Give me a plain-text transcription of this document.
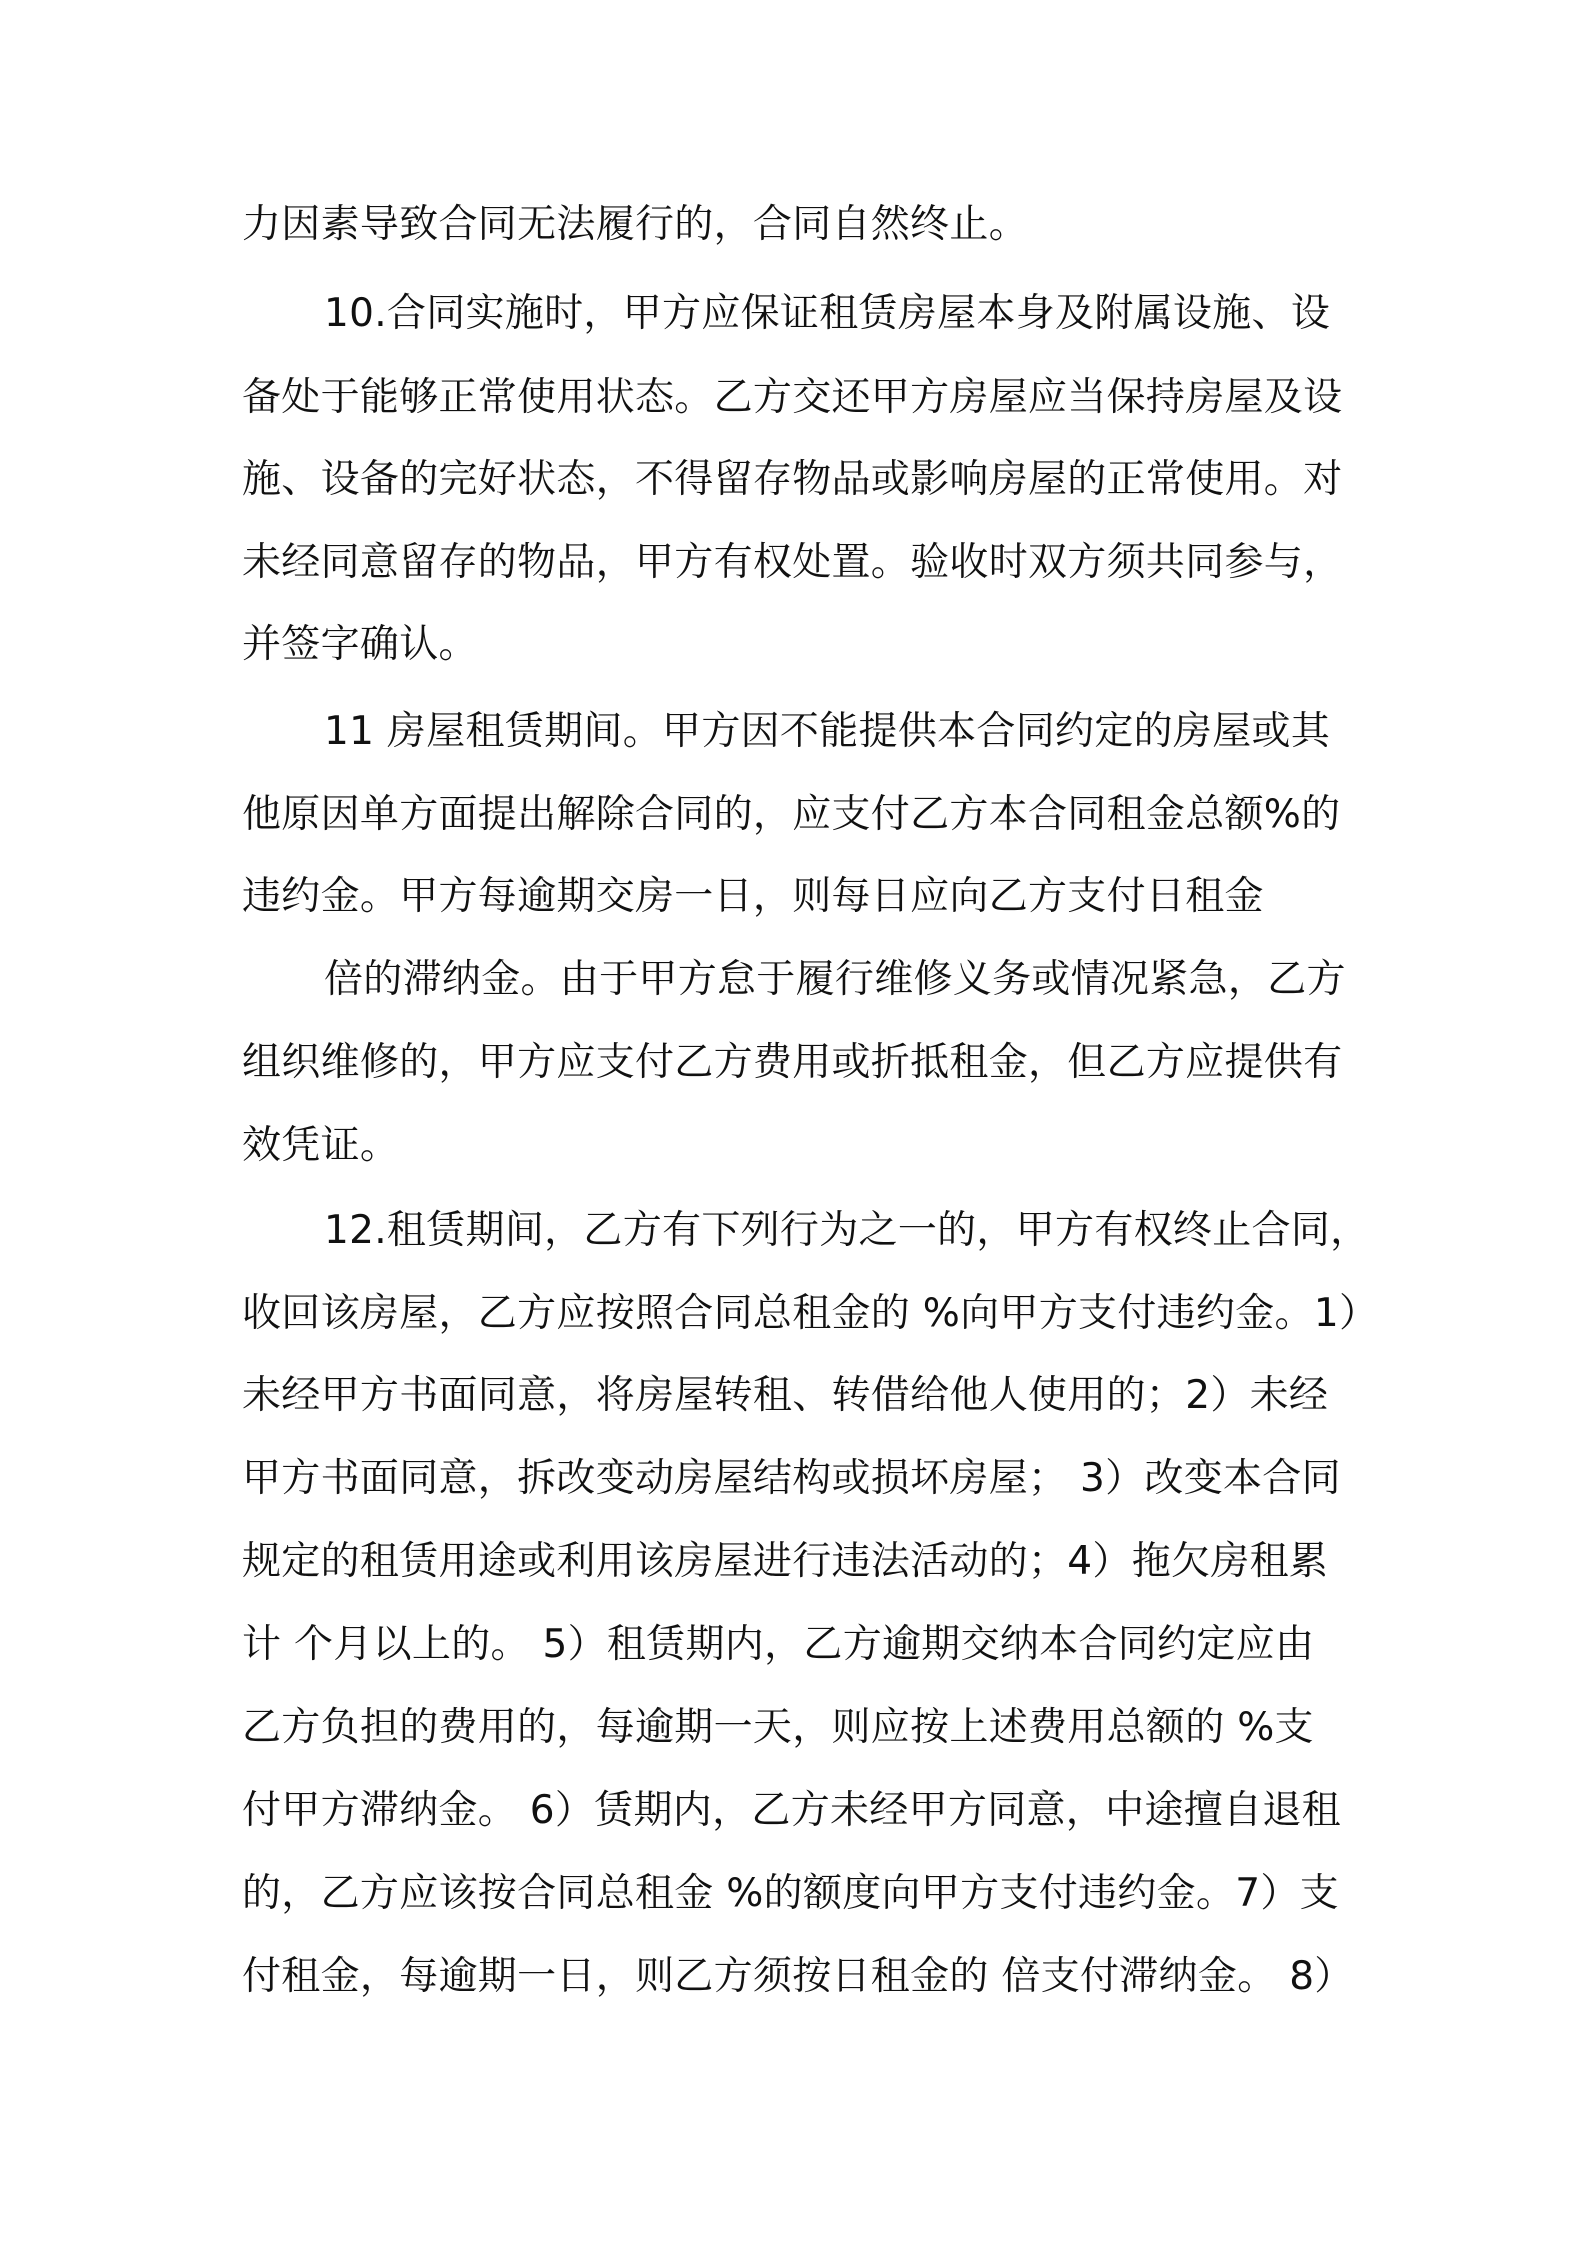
力因素导致合同无法履行的，合同自然终止。
10.合同实施时，甲方应保证租赁房屋本身及附属设施、设
备处于能够正常使用状态。乙方交还甲方房屋应当保持房屋及设
施、设备的完好状态，不得留存物品或影响房屋的正常使用。对
未经同意留存的物品，甲方有权处置。验收时双方须共同参与，
并签字确认。
11 房屋租赁期间。甲方因不能提供本合同约定的房屋或其
他原因单方面提出解除合同的，应支付乙方本合同租金总额%的
违约金。甲方每逾期交房一日，则每日应向乙方支付日租金
倍的滞纳金。由于甲方怠于履行维修义务或情况紧急，乙方
组织维修的，甲方应支付乙方费用或折抵租金，但乙方应提供有
效凭证。
12.租赁期间，乙方有下列行为之一的，甲方有权终止合同，
收回该房屋，乙方应按照合同总租金的 %向甲方支付违约金。1）
未经甲方书面同意，将房屋转租、转借给他人使用的；2）未经
甲方书面同意，拆改变动房屋结构或损坏房屋； 3）改变本合同
规定的租赁用途或利用该房屋进行违法活动的；4）拖欠房租累
计 个月以上的。 5）租赁期内，乙方逾期交纳本合同约定应由
乙方负担的费用的，每逾期一天，则应按上述费用总额的 %支
付甲方滞纳金。 6）赁期内，乙方未经甲方同意，中途擅自退租
的，乙方应该按合同总租金 %的额度向甲方支付违约金。7）支
付租金，每逾期一日，则乙方须按日租金的 倍支付滞纳金。 8）
